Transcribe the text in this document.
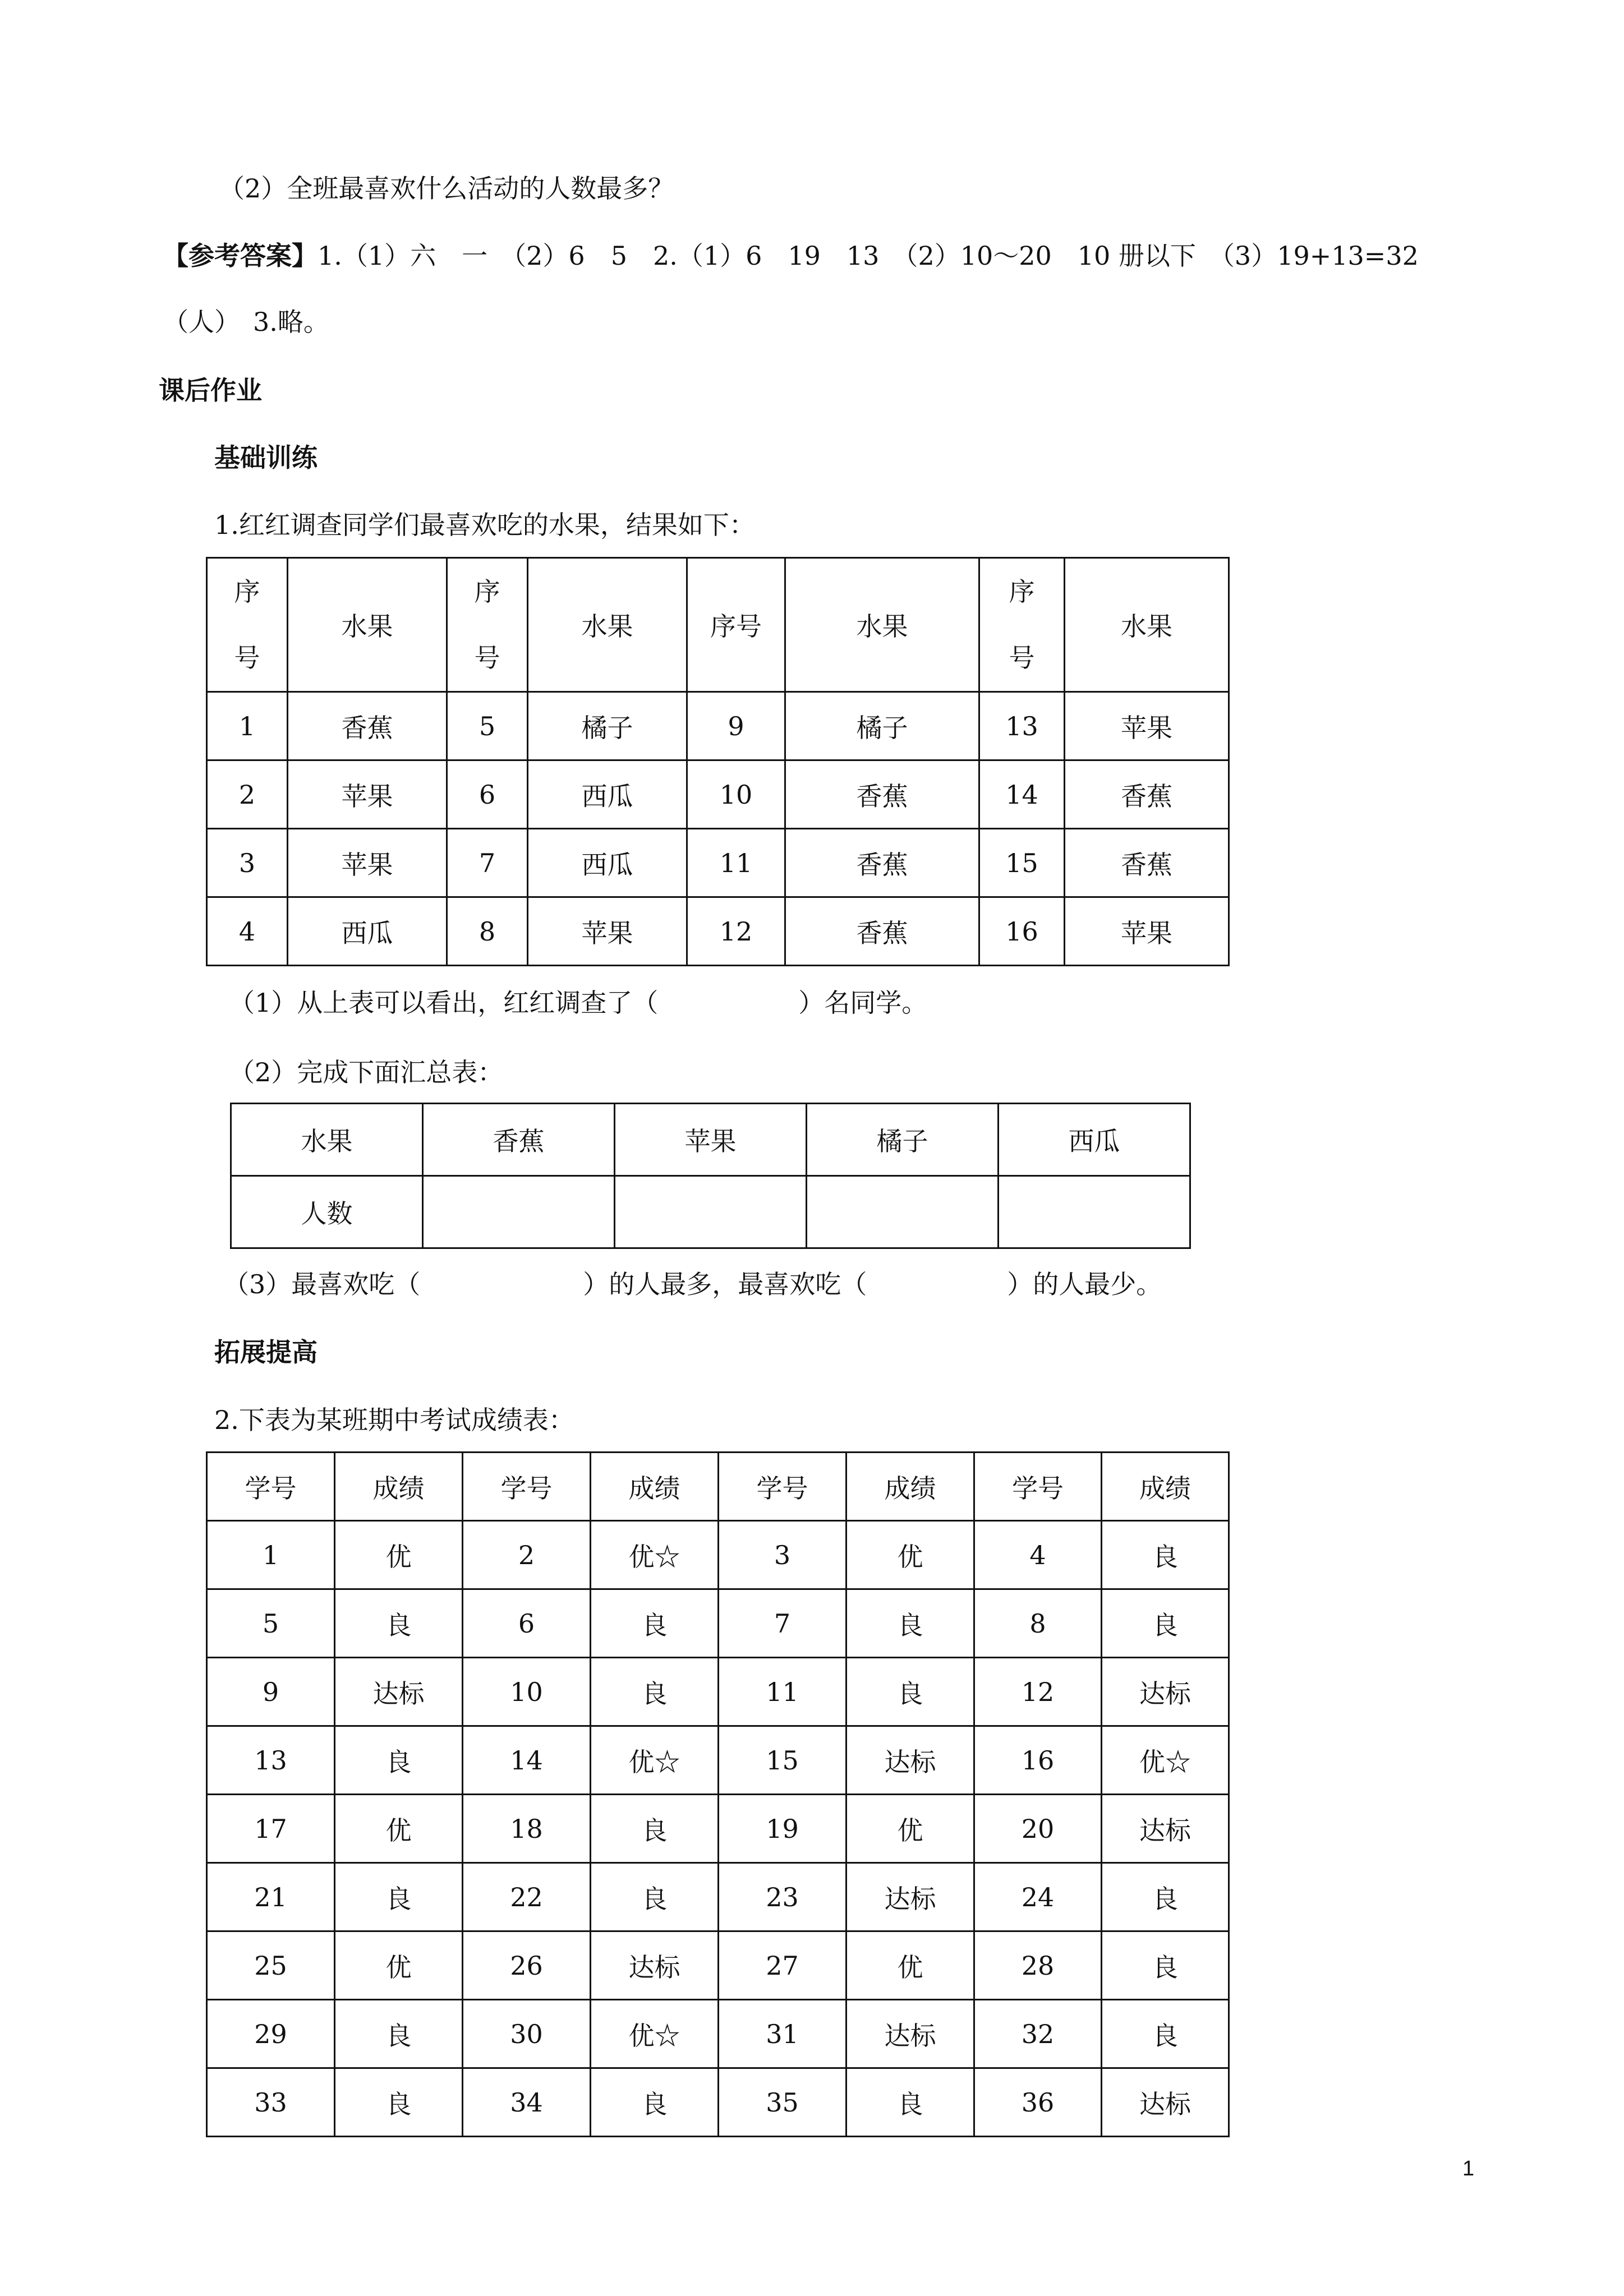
（2）全班最喜欢什么活动的人数最多？
【参考答案】1.（1）六　一　（2）6　5　2.（1）6　19　13　（2）10～20　10 册以下　（3）19+13=32
（人）　3.略。
课后作业
基础训练
1.红红调查同学们最喜欢吃的水果，结果如下：
序号	水果	序号	水果	序号	水果	序号	水果
1	香蕉	5	橘子	9	橘子	13	苹果
2	苹果	6	西瓜	10	香蕉	14	香蕉
3	苹果	7	西瓜	11	香蕉	15	香蕉
4	西瓜	8	苹果	12	香蕉	16	苹果
（1）从上表可以看出，红红调查了（	）名同学。
（2）完成下面汇总表：
水果	香蕉	苹果	橘子	西瓜
人数				
（3）最喜欢吃（	）的人最多，最喜欢吃（	）的人最少。
拓展提高
2.下表为某班期中考试成绩表：
学号	成绩	学号	成绩	学号	成绩	学号	成绩
1	优	2	优☆	3	优	4	良
5	良	6	良	7	良	8	良
9	达标	10	良	11	良	12	达标
13	良	14	优☆	15	达标	16	优☆
17	优	18	良	19	优	20	达标
21	良	22	良	23	达标	24	良
25	优	26	达标	27	优	28	良
29	良	30	优☆	31	达标	32	良
33	良	34	良	35	良	36	达标
1
